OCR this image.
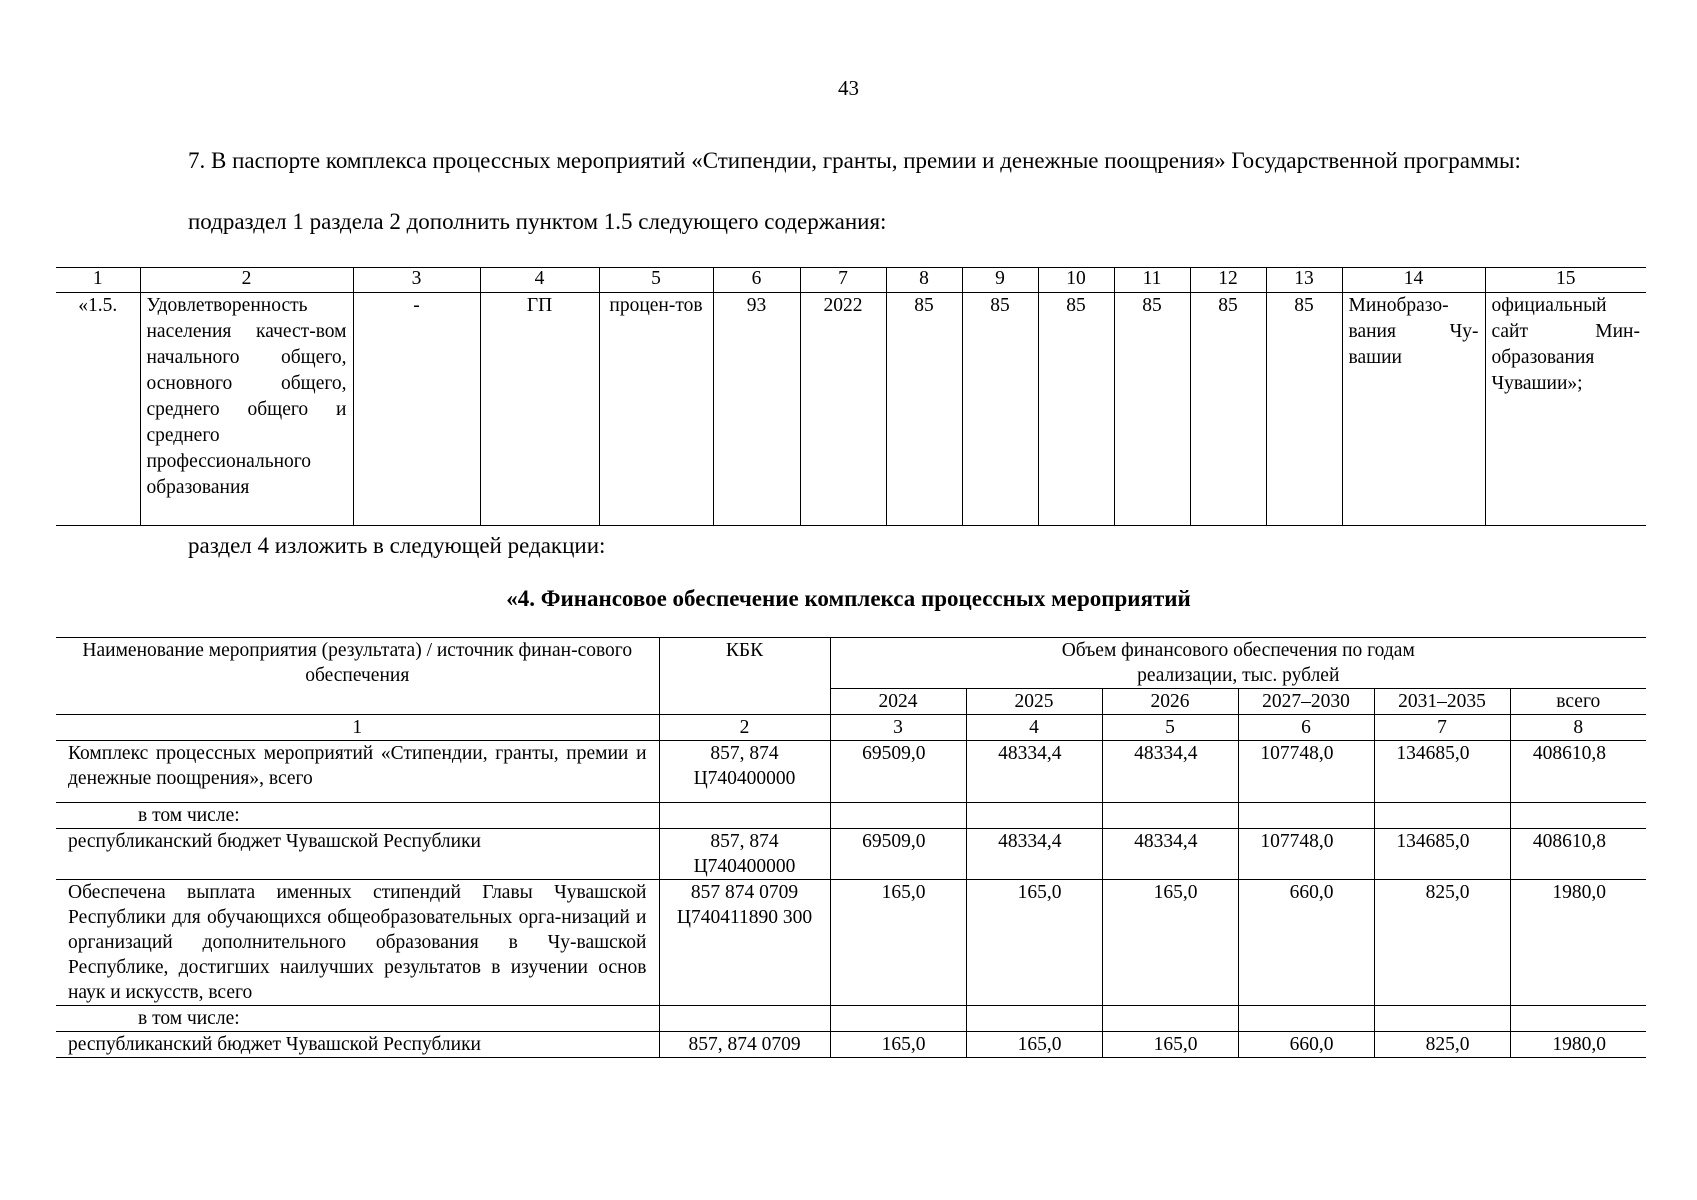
43
7. В паспорте комплекса процессных мероприятий «Стипендии, гранты, премии и денежные поощрения» Государственной программы:
подраздел 1 раздела 2 дополнить пунктом 1.5 следующего содержания:
1	2	3	4	5	6	7	8	9	10	11	12	13	14	15
«1.5.	Удовлетворенность населения качест-вом начального общего, основного общего, среднего общего и среднего профессионального образования	-	ГП	процен-тов	93	2022	85	85	85	85	85	85	Минобразо-вания Чу-вашии	официальный сайт Мин-образования Чувашии»;
раздел 4 изложить в следующей редакции:
«4. Финансовое обеспечение комплекса процессных мероприятий
Наименование мероприятия (результата) / источник финан-сового обеспечения	КБК	Объем финансового обеспечения по годам реализации, тыс. рублей					
		2024	2025	2026	2027–2030	2031–2035	всего
1	2	3	4	5	6	7	8
Комплекс процессных мероприятий «Стипендии, гранты, премии и денежные поощрения», всего	857, 874 Ц740400000	69509,0	48334,4	48334,4	107748,0	134685,0	408610,8
в том числе:							
республиканский бюджет Чувашской Республики	857, 874 Ц740400000	69509,0	48334,4	48334,4	107748,0	134685,0	408610,8
Обеспечена выплата именных стипендий Главы Чувашской Республики для обучающихся общеобразовательных орга-низаций и организаций дополнительного образования в Чу-вашской Республике, достигших наилучших результатов в изучении основ наук и искусств, всего	857 874 0709 Ц740411890 300	165,0	165,0	165,0	660,0	825,0	1980,0
в том числе:							
республиканский бюджет Чувашской Республики	857, 874 0709	165,0	165,0	165,0	660,0	825,0	1980,0
